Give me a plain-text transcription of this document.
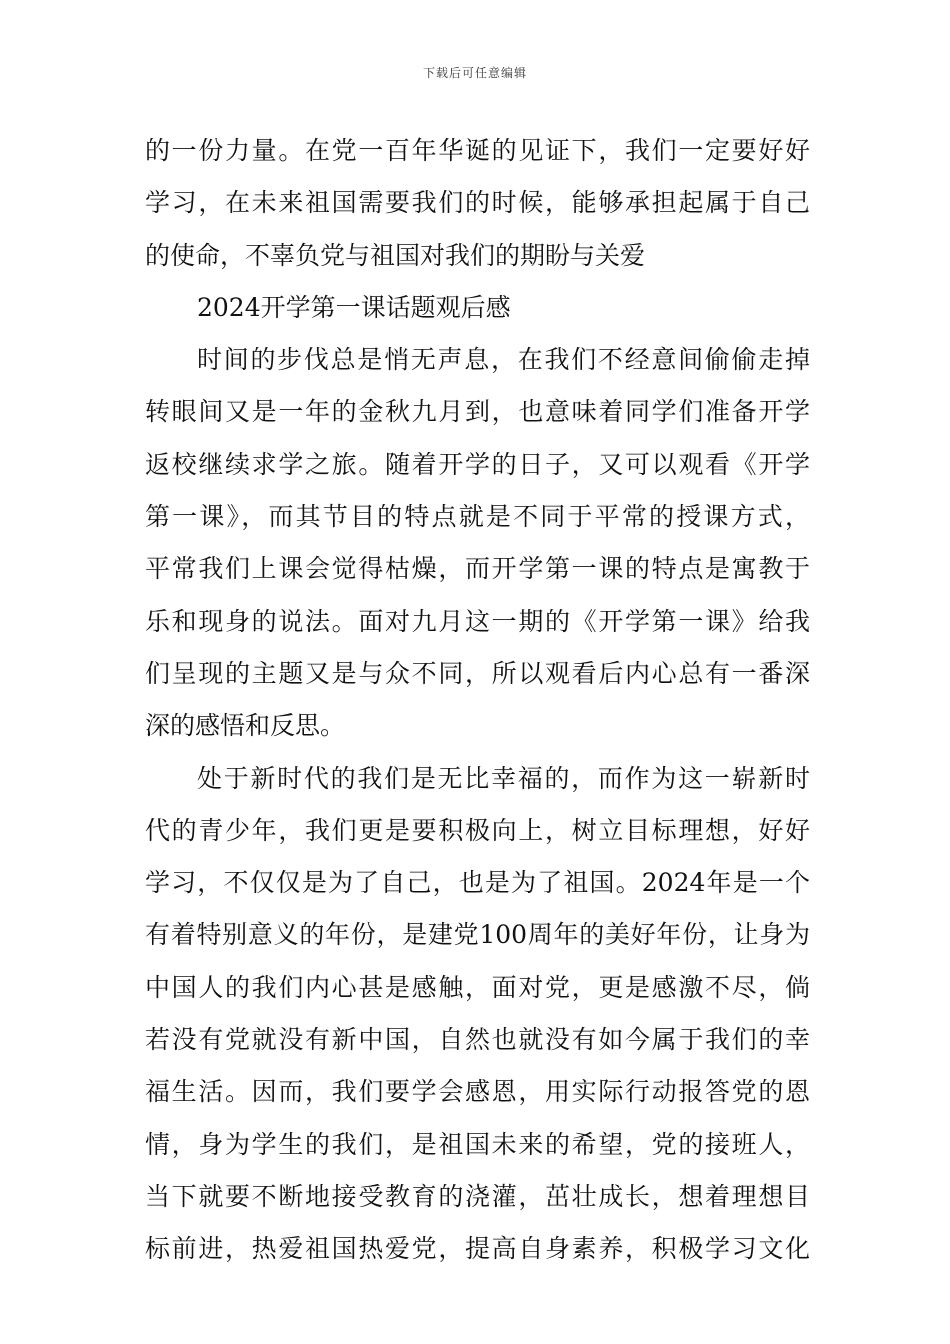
下载后可任意编辑
的一份力量。在党一百年华诞的见证下，我们一定要好好
学习，在未来祖国需要我们的时候，能够承担起属于自己
的使命，不辜负党与祖国对我们的期盼与关爱
2024开学第一课话题观后感
时间的步伐总是悄无声息，在我们不经意间偷偷走掉
转眼间又是一年的金秋九月到，也意味着同学们准备开学
返校继续求学之旅。随着开学的日子，又可以观看《开学
第一课》，而其节目的特点就是不同于平常的授课方式，
平常我们上课会觉得枯燥，而开学第一课的特点是寓教于
乐和现身的说法。面对九月这一期的《开学第一课》给我
们呈现的主题又是与众不同，所以观看后内心总有一番深
深的感悟和反思。
处于新时代的我们是无比幸福的，而作为这一崭新时
代的青少年，我们更是要积极向上，树立目标理想，好好
学习，不仅仅是为了自己，也是为了祖国。2024年是一个
有着特别意义的年份，是建党100周年的美好年份，让身为
中国人的我们内心甚是感触，面对党，更是感激不尽，倘
若没有党就没有新中国，自然也就没有如今属于我们的幸
福生活。因而，我们要学会感恩，用实际行动报答党的恩
情，身为学生的我们，是祖国未来的希望，党的接班人，
当下就要不断地接受教育的浇灌，茁壮成长，想着理想目
标前进，热爱祖国热爱党，提高自身素养，积极学习文化
